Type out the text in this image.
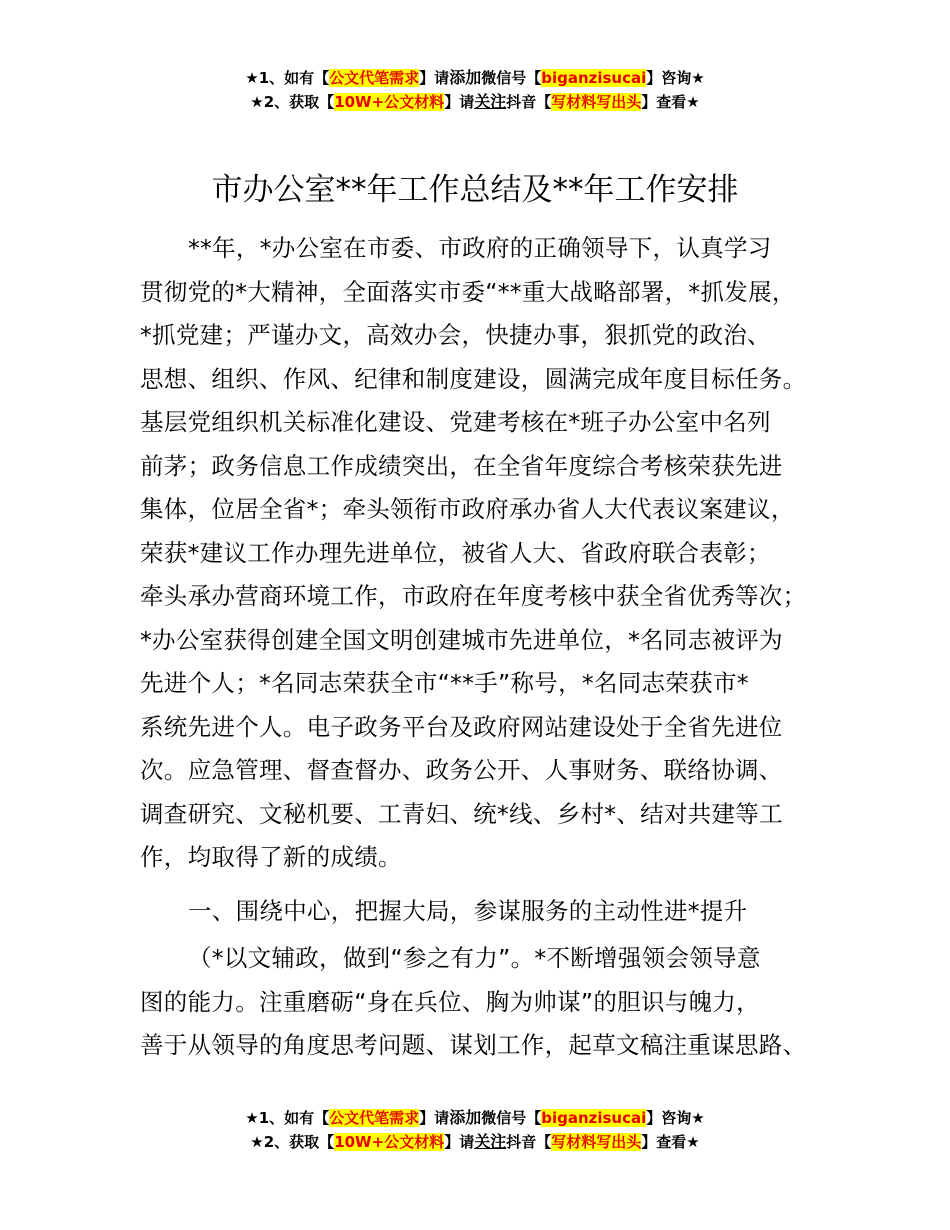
★1、如有【公文代笔需求】请添加微信号【biganzisucai】咨询★
★2、获取【10W+公文材料】请关注抖音【写材料写出头】查看★
市办公室**年工作总结及**年工作安排

**年，*办公室在市委、市政府的正确领导下，认真学习
贯彻党的*大精神，全面落实市委“**重大战略部署，*抓发展，
*抓党建；严谨办文，高效办会，快捷办事，狠抓党的政治、
思想、组织、作风、纪律和制度建设，圆满完成年度目标任务。
基层党组织机关标准化建设、党建考核在*班子办公室中名列
前茅；政务信息工作成绩突出，在全省年度综合考核荣获先进
集体，位居全省*；牵头领衔市政府承办省人大代表议案建议，
荣获*建议工作办理先进单位，被省人大、省政府联合表彰；
牵头承办营商环境工作，市政府在年度考核中获全省优秀等次；
*办公室获得创建全国文明创建城市先进单位，*名同志被评为
先进个人；*名同志荣获全市“**手”称号，*名同志荣获市*
系统先进个人。电子政务平台及政府网站建设处于全省先进位
次。应急管理、督查督办、政务公开、人事财务、联络协调、
调查研究、文秘机要、工青妇、统*线、乡村*、结对共建等工
作，均取得了新的成绩。

一、围绕中心，把握大局，参谋服务的主动性进*提升

（*以文辅政，做到“参之有力”。*不断增强领会领导意
图的能力。注重磨砺“身在兵位、胸为帅谋”的胆识与魄力，
善于从领导的角度思考问题、谋划工作，起草文稿注重谋思路、

★1、如有【公文代笔需求】请添加微信号【biganzisucai】咨询★
★2、获取【10W+公文材料】请关注抖音【写材料写出头】查看★
